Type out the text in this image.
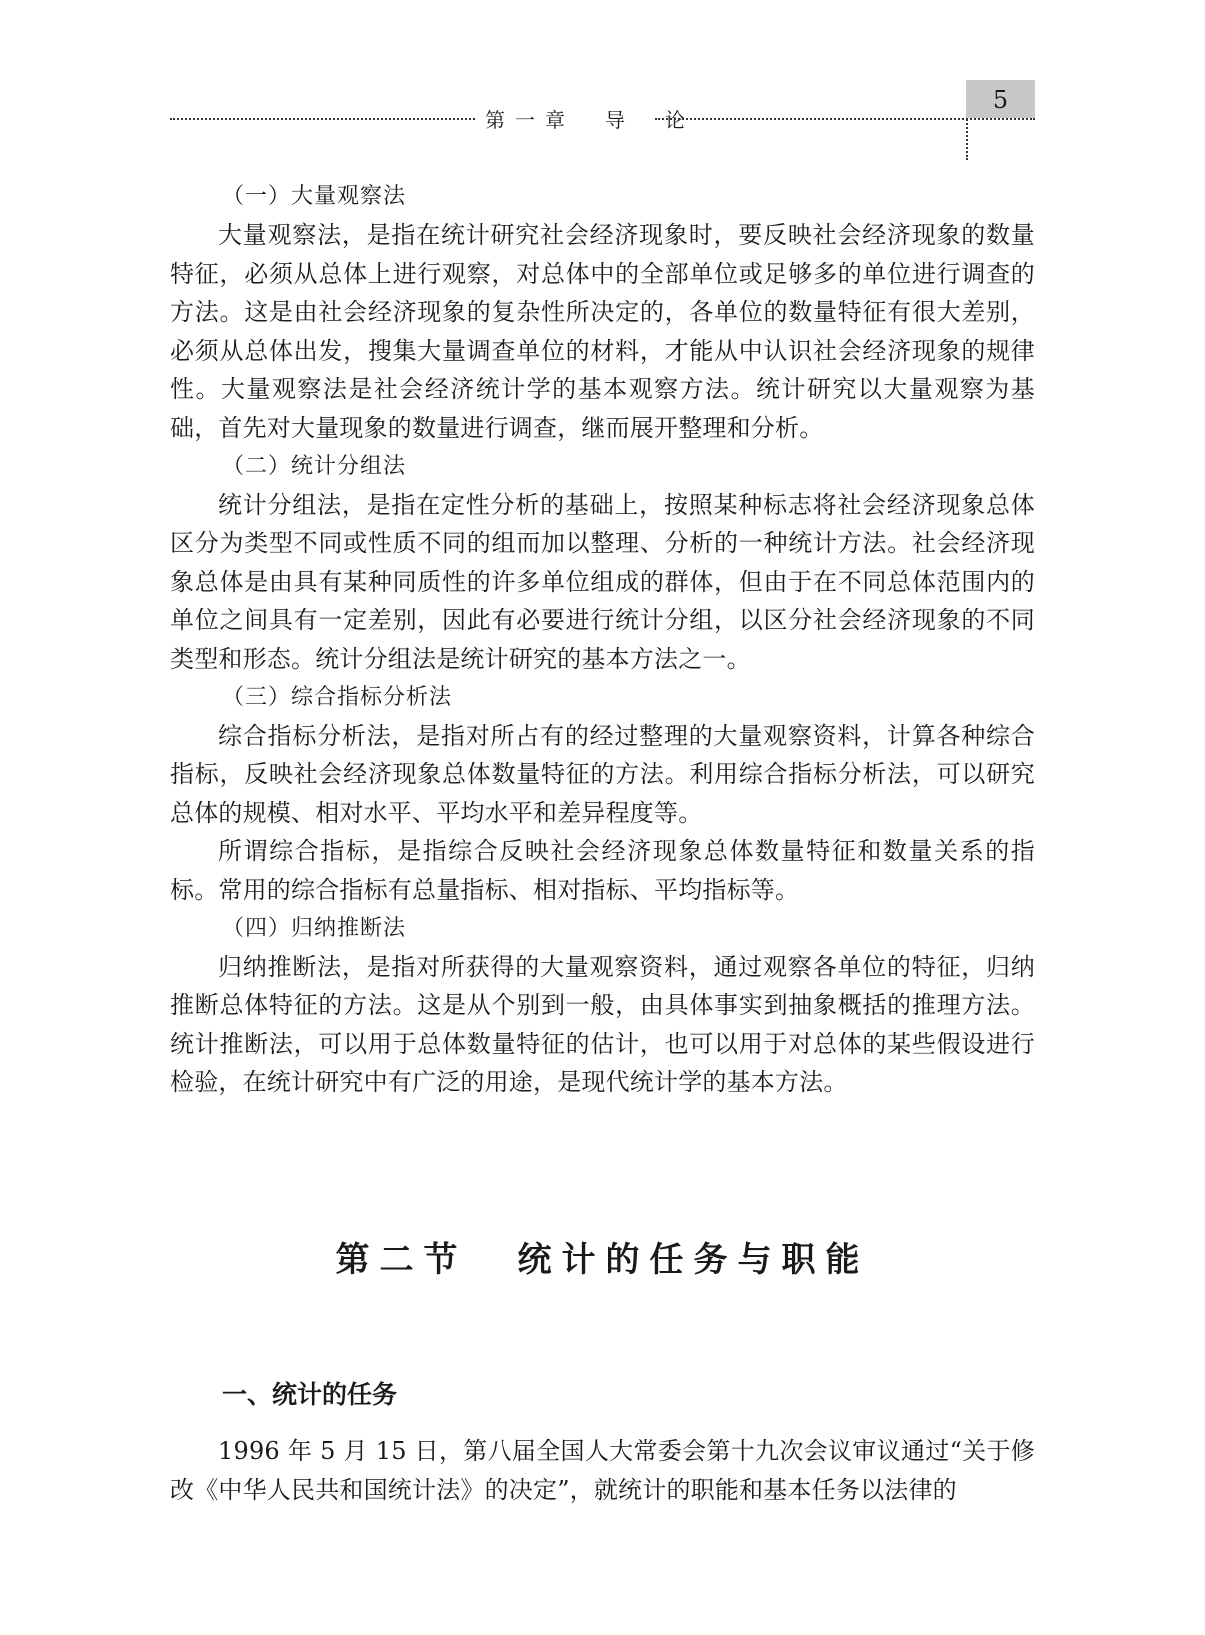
第一章　导　论
5

（一）大量观察法

大量观察法，是指在统计研究社会经济现象时，要反映社会经济现象的数量特征，必须从总体上进行观察，对总体中的全部单位或足够多的单位进行调查的方法。这是由社会经济现象的复杂性所决定的，各单位的数量特征有很大差别，必须从总体出发，搜集大量调查单位的材料，才能从中认识社会经济现象的规律性。大量观察法是社会经济统计学的基本观察方法。统计研究以大量观察为基础，首先对大量现象的数量进行调查，继而展开整理和分析。

（二）统计分组法

统计分组法，是指在定性分析的基础上，按照某种标志将社会经济现象总体区分为类型不同或性质不同的组而加以整理、分析的一种统计方法。社会经济现象总体是由具有某种同质性的许多单位组成的群体，但由于在不同总体范围内的单位之间具有一定差别，因此有必要进行统计分组，以区分社会经济现象的不同类型和形态。统计分组法是统计研究的基本方法之一。

（三）综合指标分析法

综合指标分析法，是指对所占有的经过整理的大量观察资料，计算各种综合指标，反映社会经济现象总体数量特征的方法。利用综合指标分析法，可以研究总体的规模、相对水平、平均水平和差异程度等。

所谓综合指标，是指综合反映社会经济现象总体数量特征和数量关系的指标。常用的综合指标有总量指标、相对指标、平均指标等。

（四）归纳推断法

归纳推断法，是指对所获得的大量观察资料，通过观察各单位的特征，归纳推断总体特征的方法。这是从个别到一般，由具体事实到抽象概括的推理方法。统计推断法，可以用于总体数量特征的估计，也可以用于对总体的某些假设进行检验，在统计研究中有广泛的用途，是现代统计学的基本方法。

第二节 统计的任务与职能

一、统计的任务

1996 年 5 月 15 日，第八届全国人大常委会第十九次会议审议通过“关于修改《中华人民共和国统计法》的决定”，就统计的职能和基本任务以法律的
